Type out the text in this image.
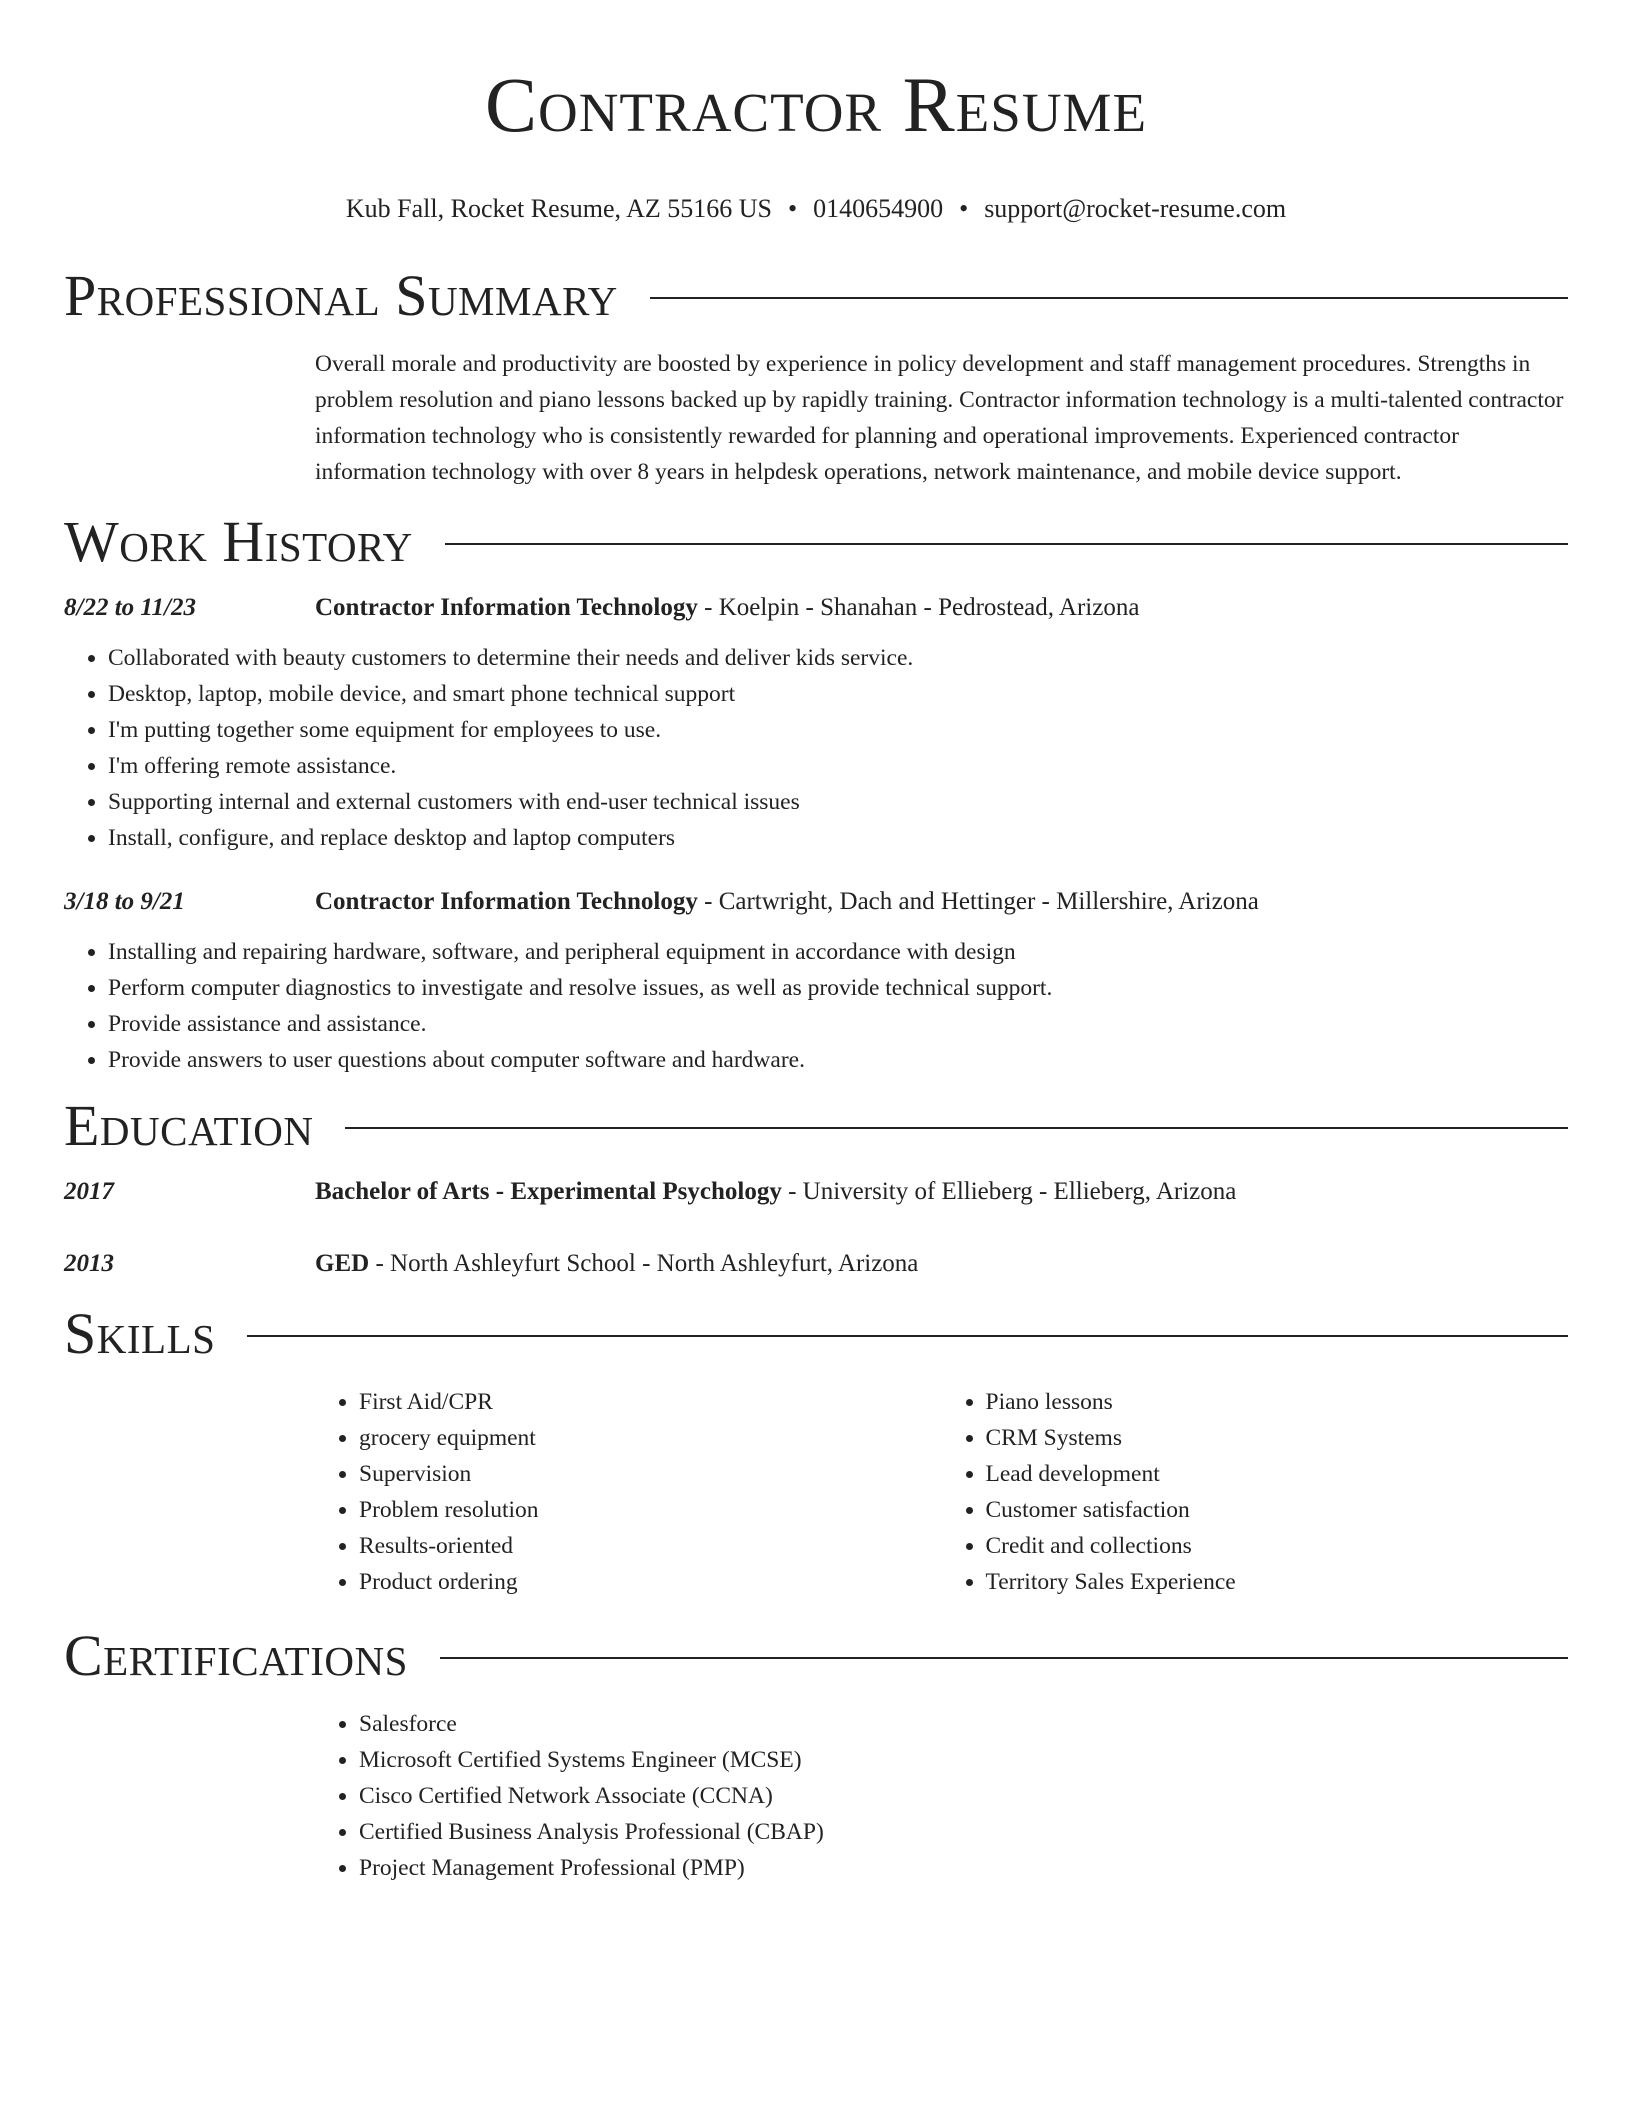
Contractor Resume
Kub Fall, Rocket Resume, AZ 55166 US • 0140654900 • support@rocket-resume.com
Professional Summary

Overall morale and productivity are boosted by experience in policy development and staff management procedures. Strengths in problem resolution and piano lessons backed up by rapidly training. Contractor information technology is a multi-talented contractor information technology who is consistently rewarded for planning and operational improvements. Experienced contractor information technology with over 8 years in helpdesk operations, network maintenance, and mobile device support.

Work History
8/22 to 11/23	Contractor Information Technology - Koelpin - Shanahan - Pedrostead, Arizona
• Collaborated with beauty customers to determine their needs and deliver kids service.
• Desktop, laptop, mobile device, and smart phone technical support
• I'm putting together some equipment for employees to use.
• I'm offering remote assistance.
• Supporting internal and external customers with end-user technical issues
• Install, configure, and replace desktop and laptop computers
3/18 to 9/21	Contractor Information Technology - Cartwright, Dach and Hettinger - Millershire, Arizona
• Installing and repairing hardware, software, and peripheral equipment in accordance with design
• Perform computer diagnostics to investigate and resolve issues, as well as provide technical support.
• Provide assistance and assistance.
• Provide answers to user questions about computer software and hardware.
Education
2017	Bachelor of Arts - Experimental Psychology - University of Ellieberg - Ellieberg, Arizona
2013	GED - North Ashleyfurt School - North Ashleyfurt, Arizona
Skills
• First Aid/CPR
• grocery equipment
• Supervision
• Problem resolution
• Results-oriented
• Product ordering
• Piano lessons
• CRM Systems
• Lead development
• Customer satisfaction
• Credit and collections
• Territory Sales Experience
Certifications
• Salesforce
• Microsoft Certified Systems Engineer (MCSE)
• Cisco Certified Network Associate (CCNA)
• Certified Business Analysis Professional (CBAP)
• Project Management Professional (PMP)
